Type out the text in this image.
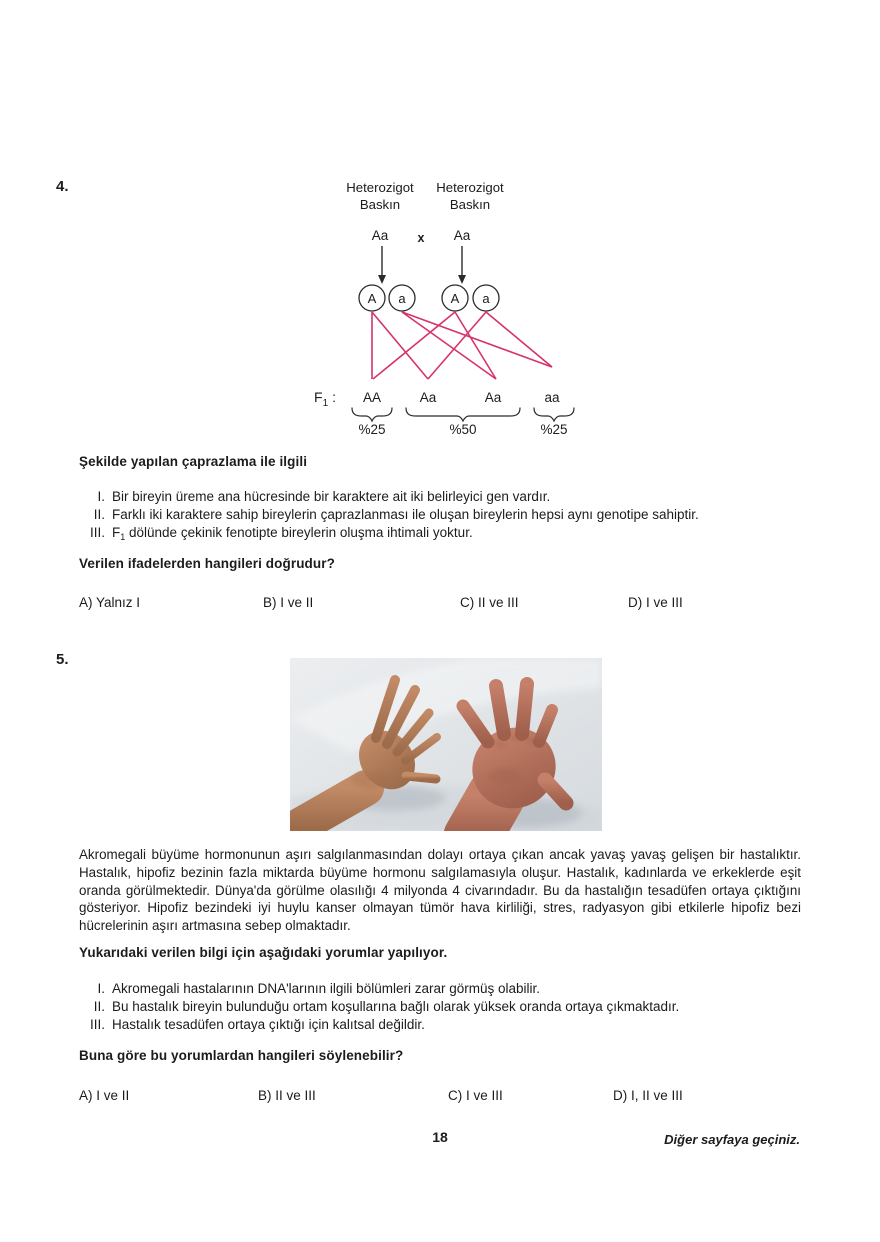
4.	Heterozigot
Baskın
Heterozigot
Baskın
Aa x Aa
A a	A a
$F_1$ : AA	Aa	Aa	aa
%25	%50	%25
Şekilde yapılan çaprazlama ile ilgili
I. Bir bireyin üreme ana hücresinde bir karaktere ait iki belirleyici gen vardır.
II. Farklı iki karaktere sahip bireylerin çaprazlanması ile oluşan bireylerin hepsi aynı genotipe sahiptir.
III. $F_1$ dölünde çekinik fenotipte bireylerin oluşma ihtimali yoktur.
Verilen ifadelerden hangileri doğrudur?
A) Yalnız I	B) I ve II	C) II ve III	D) I ve III
5.
Akromegali büyüme hormonunun aşırı salgılanmasından dolayı ortaya çıkan ancak yavaş yavaş gelişen bir hastalıktır. Hastalık, hipofiz bezinin fazla miktarda büyüme hormonu salgılamasıyla oluşur. Hastalık, kadınlarda ve erkeklerde eşit oranda görülmektedir. Dünya'da görülme olasılığı 4 milyonda 4 civarındadır. Bu da hastalığın tesadüfen ortaya çıktığını gösteriyor. Hipofiz bezindeki iyi huylu kanser olmayan tümör hava kirliliği, stres, radyasyon gibi etkilerle hipofiz bezi hücrelerinin aşırı artmasına sebep olmaktadır.
Yukarıdaki verilen bilgi için aşağıdaki yorumlar yapılıyor.
I. Akromegali hastalarının DNA'larının ilgili bölümleri zarar görmüş olabilir.
II. Bu hastalık bireyin bulunduğu ortam koşullarına bağlı olarak yüksek oranda ortaya çıkmaktadır.
III. Hastalık tesadüfen ortaya çıktığı için kalıtsal değildir.
Buna göre bu yorumlardan hangileri söylenebilir?
A) I ve II	B) II ve III	C) I ve III	D) I, II ve III
18	Diğer sayfaya geçiniz.
